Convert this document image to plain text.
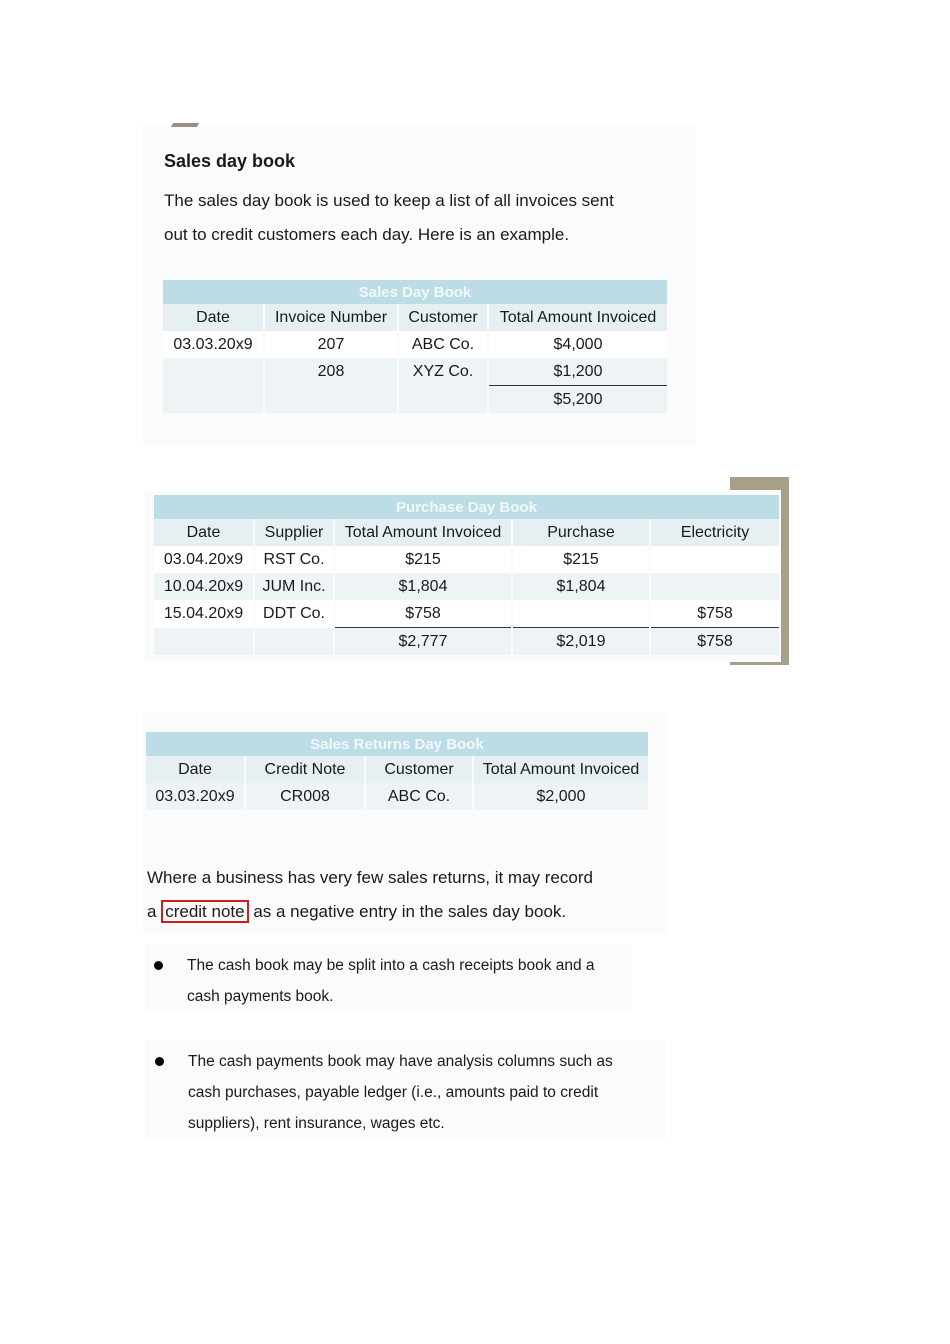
Sales day book
The sales day book is used to keep a list of all invoices sent
out to credit customers each day. Here is an example.
Sales Day Book			
Date	Invoice Number	Customer	Total Amount Invoiced
03.03.20x9	207	ABC Co.	$4,000
	208	XYZ Co.	$1,200
			$5,200
Purchase Day Book				
Date	Supplier	Total Amount Invoiced	Purchase	Electricity
03.04.20x9	RST Co.	$215	$215	
10.04.20x9	JUM Inc.	$1,804	$1,804	
15.04.20x9	DDT Co.	$758		$758
		$2,777	$2,019	$758
Sales Returns Day Book			
Date	Credit Note	Customer	Total Amount Invoiced
03.03.20x9	CR008	ABC Co.	$2,000
Where a business has very few sales returns, it may record
a credit note as a negative entry in the sales day book.
The cash book may be split into a cash receipts book and a
cash payments book.
The cash payments book may have analysis columns such as
cash purchases, payable ledger (i.e., amounts paid to credit
suppliers), rent insurance, wages etc.
